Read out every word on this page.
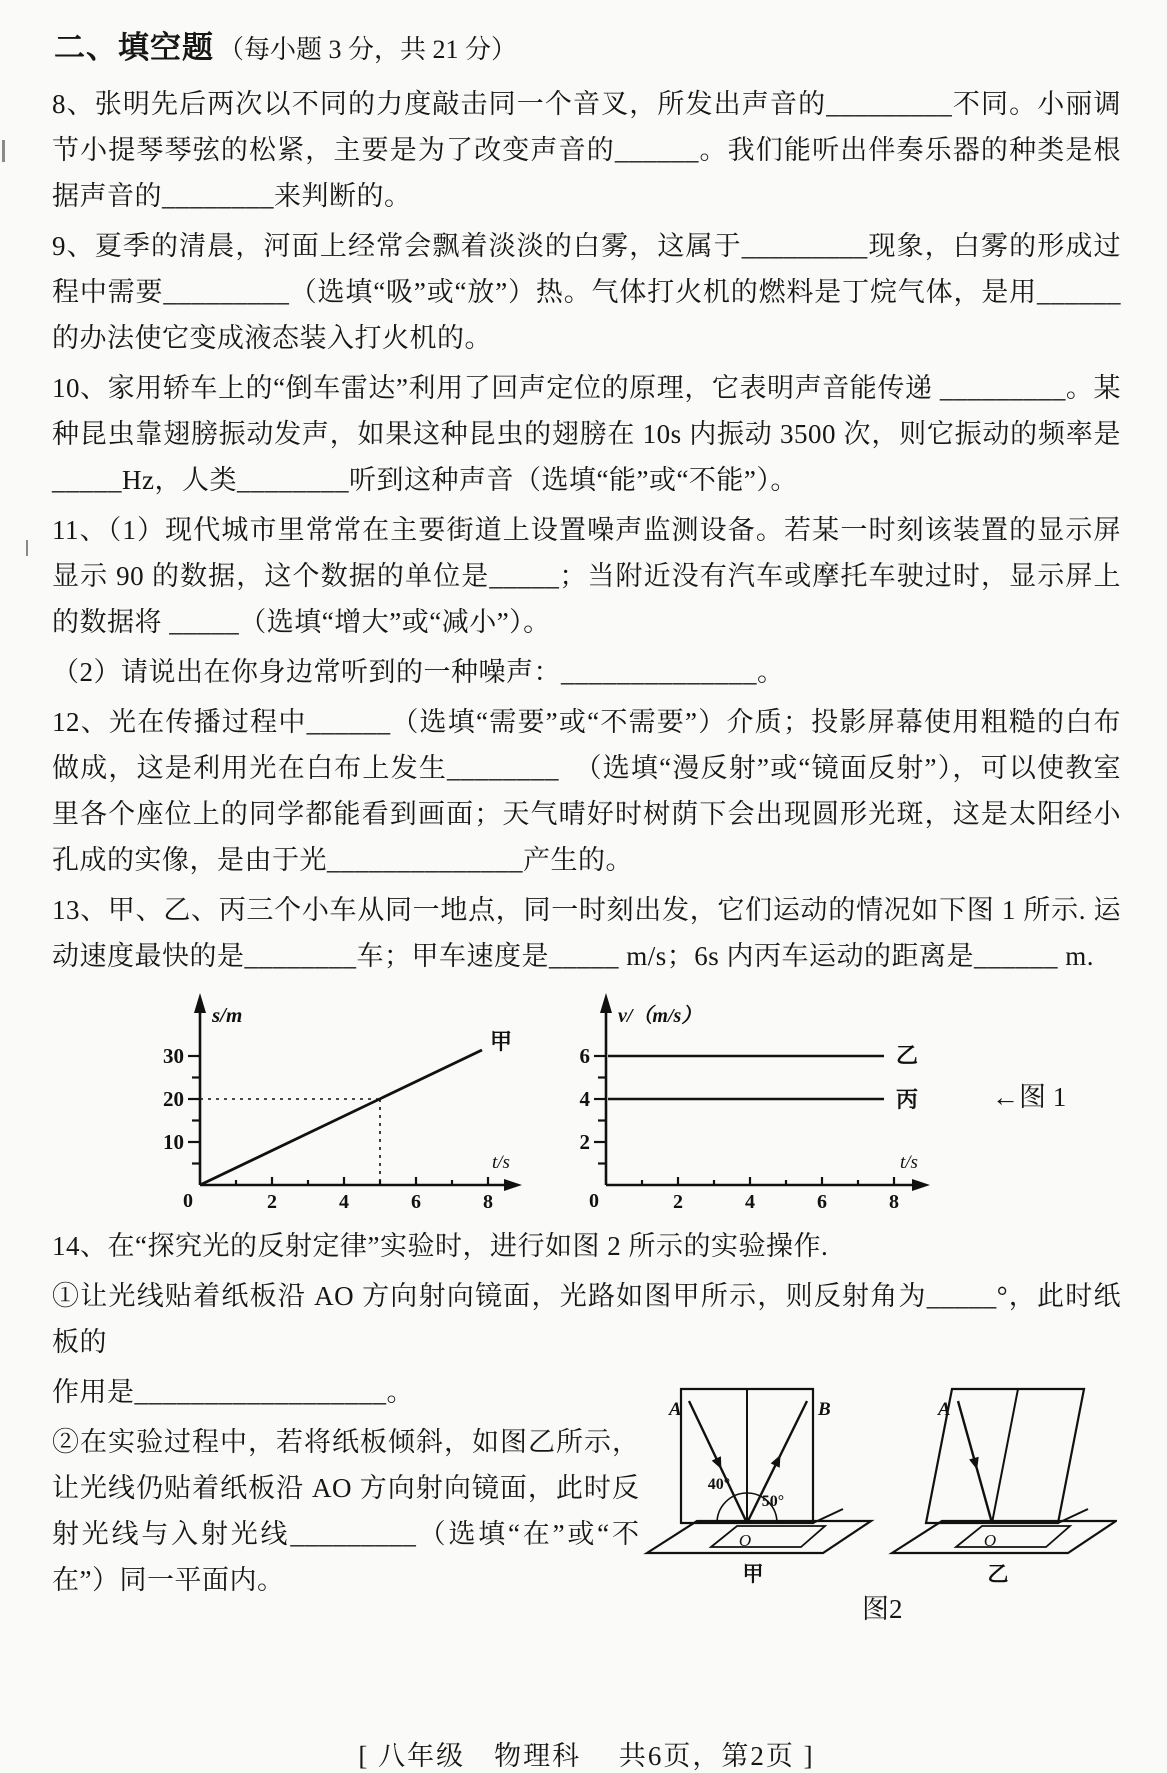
二、填空题 （每小题 3 分，共 21 分）

8、张明先后两次以不同的力度敲击同一个音叉，所发出声音的_________不同。小丽调节小提琴琴弦的松紧，主要是为了改变声音的______。我们能听出伴奏乐器的种类是根据声音的________来判断的。

9、夏季的清晨，河面上经常会飘着淡淡的白雾，这属于_________现象，白雾的形成过程中需要_________（选填“吸”或“放”）热。气体打火机的燃料是丁烷气体，是用______的办法使它变成液态装入打火机的。

10、家用轿车上的“倒车雷达”利用了回声定位的原理，它表明声音能传递 _________。某种昆虫靠翅膀振动发声，如果这种昆虫的翅膀在 10s 内振动 3500 次，则它振动的频率是 _____Hz，人类________听到这种声音（选填“能”或“不能”）。

11、（1）现代城市里常常在主要街道上设置噪声监测设备。若某一时刻该装置的显示屏显示 90 的数据，这个数据的单位是_____；当附近没有汽车或摩托车驶过时，显示屏上的数据将 _____（选填“增大”或“减小”）。

（2）请说出在你身边常听到的一种噪声：______________。

12、光在传播过程中______（选填“需要”或“不需要”）介质；投影屏幕使用粗糙的白布做成，这是利用光在白布上发生________　（选填“漫反射”或“镜面反射”），可以使教室里各个座位上的同学都能看到画面；天气晴好时树荫下会出现圆形光斑，这是太阳经小孔成的实像，是由于光______________产生的。

13、甲、乙、丙三个小车从同一地点，同一时刻出发，它们运动的情况如下图 1 所示. 运动速度最快的是________车；甲车速度是_____ m/s；6s 内丙车运动的距离是______ m.

30
20
10
0	2	4	6	8
s/m
t/s
甲
6
4
2
0	2	4	6	8
v/（m/s）
t/s
乙
丙	←图 1

14、在“探究光的反射定律”实验时，进行如图 2 所示的实验操作.

①让光线贴着纸板沿 AO 方向射向镜面，光路如图甲所示，则反射角为_____°，此时纸板的

作用是__________________。

②在实验过程中，若将纸板倾斜，如图乙所示，让光线仍贴着纸板沿 AO 方向射向镜面，此时反射光线与入射光线_________（选填“在”或“不在”）同一平面内。

40°
50°
A	B
O
甲
A
O
乙
图2
[ 八年级　物理科　 共6页，第2页 ]
